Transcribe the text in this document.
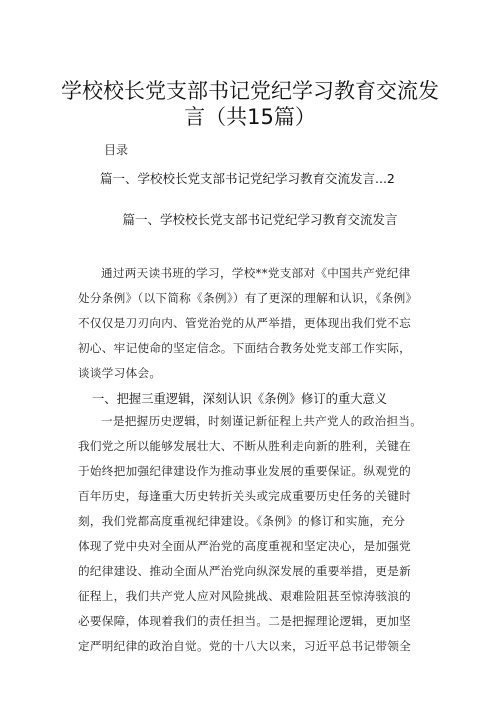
学校校长党支部书记党纪学习教育交流发
言（共15篇）
目录
篇一、学校校长党支部书记党纪学习教育交流发言...2
篇一、学校校长党支部书记党纪学习教育交流发言
通过两天读书班的学习，学校**党支部对《中国共产党纪律
处分条例》（以下简称《条例》）有了更深的理解和认识，《条例》
不仅仅是刀刃向内、管党治党的从严举措，更体现出我们党不忘
初心、牢记使命的坚定信念。下面结合教务处党支部工作实际，
谈谈学习体会。
一、把握三重逻辑，深刻认识《条例》修订的重大意义
一是把握历史逻辑，时刻谨记新征程上共产党人的政治担当。
我们党之所以能够发展壮大、不断从胜利走向新的胜利，关键在
于始终把加强纪律建设作为推动事业发展的重要保证。纵观党的
百年历史，每逢重大历史转折关头或完成重要历史任务的关键时
刻，我们党都高度重视纪律建设。《条例》的修订和实施，充分
体现了党中央对全面从严治党的高度重视和坚定决心，是加强党
的纪律建设、推动全面从严治党向纵深发展的重要举措，更是新
征程上，我们共产党人应对风险挑战、艰难险阻甚至惊涛骇浪的
必要保障，体现着我们的责任担当。二是把握理论逻辑，更加坚
定严明纪律的政治自觉。党的十八大以来，习近平总书记带领全
